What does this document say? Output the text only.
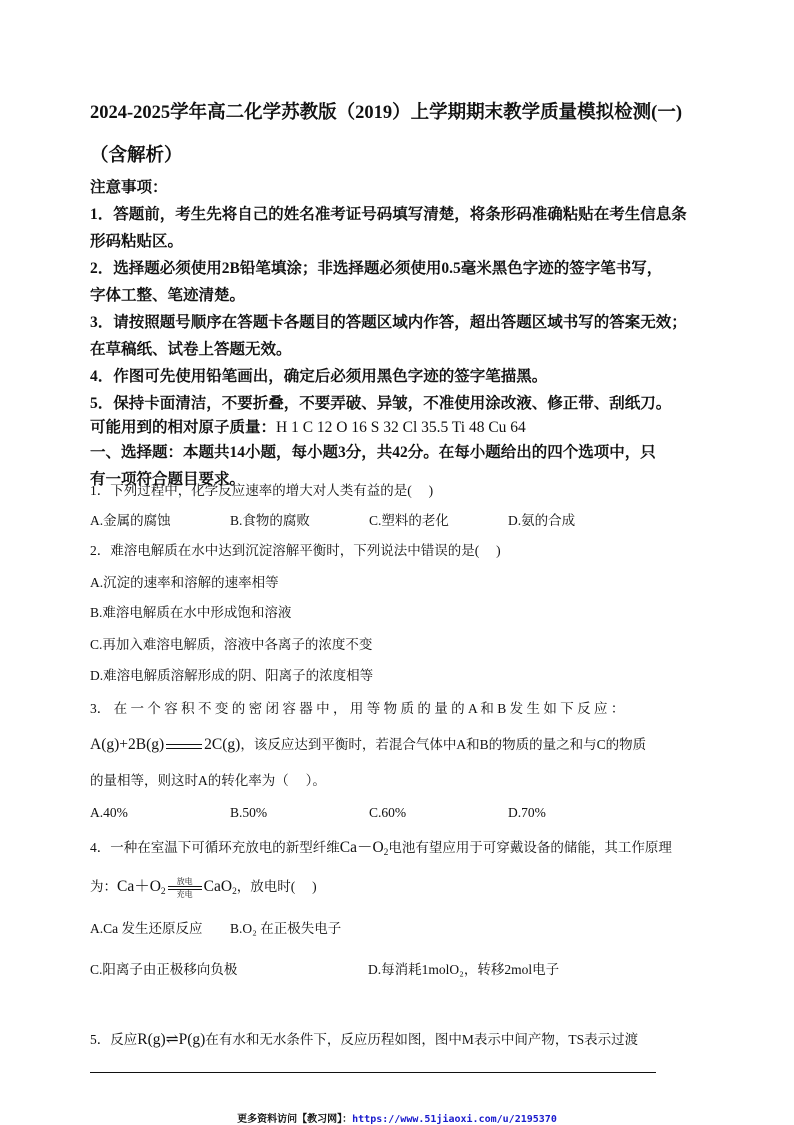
2024-2025学年高二化学苏教版（2019）上学期期末教学质量模拟检测(一)
（含解析）
注意事项：
1．答题前，考生先将自己的姓名准考证号码填写清楚，将条形码准确粘贴在考生信息条
形码粘贴区。
2．选择题必须使用2B铅笔填涂；非选择题必须使用0.5毫米黑色字迹的签字笔书写，
字体工整、笔迹清楚。
3．请按照题号顺序在答题卡各题目的答题区域内作答，超出答题区域书写的答案无效；
在草稿纸、试卷上答题无效。
4．作图可先使用铅笔画出，确定后必须用黑色字迹的签字笔描黑。
5．保持卡面清洁，不要折叠，不要弄破、异皱，不准使用涂改液、修正带、刮纸刀。
可能用到的相对原子质量：H 1 C 12 O 16 S 32 Cl 35.5 Ti 48 Cu 64
一、选择题：本题共14小题，每小题3分，共42分。在每小题给出的四个选项中，只
有一项符合题目要求。
1．下列过程中，化学反应速率的增大对人类有益的是(　 )
A.金属的腐蚀	B.食物的腐败	C.塑料的老化	D.氨的合成
2．难溶电解质在水中达到沉淀溶解平衡时，下列说法中错误的是(　 )
A.沉淀的速率和溶解的速率相等
B.难溶电解质在水中形成饱和溶液
C.再加入难溶电解质，溶液中各离子的浓度不变
D.难溶电解质溶解形成的阴、阳离子的浓度相等
3． 在 一 个 容 积 不 变 的 密 闭 容 器 中 ， 用 等 物 质 的 量 的 A 和 B 发 生 如 下 反 应 ：
A(g)+2B(g)	2C(g)，该反应达到平衡时，若混合气体中A和B的物质的量之和与C的物质
的量相等，则这时A的转化率为（　 ）。
A.40%	B.50%	C.60%	D.70%
4．一种在室温下可循环充放电的新型纤维$Ca-O_2$电池有望应用于可穿戴设备的储能，其工作原理
为：$Ca+O_2$放电
充电 CaO$_2$，放电时(　 )
A.Ca 发生还原反应 B.O₂ 在正极失电子
C.阳离子由正极移向负极	D.每消耗1molO₂，转移2mol电子
5．反应R(g)⇌P(g)在有水和无水条件下，反应历程如图，图中M表示中间产物，TS表示过渡
更多资料访问【教习网】：https://www.51jiaoxi.com/u/2195370
